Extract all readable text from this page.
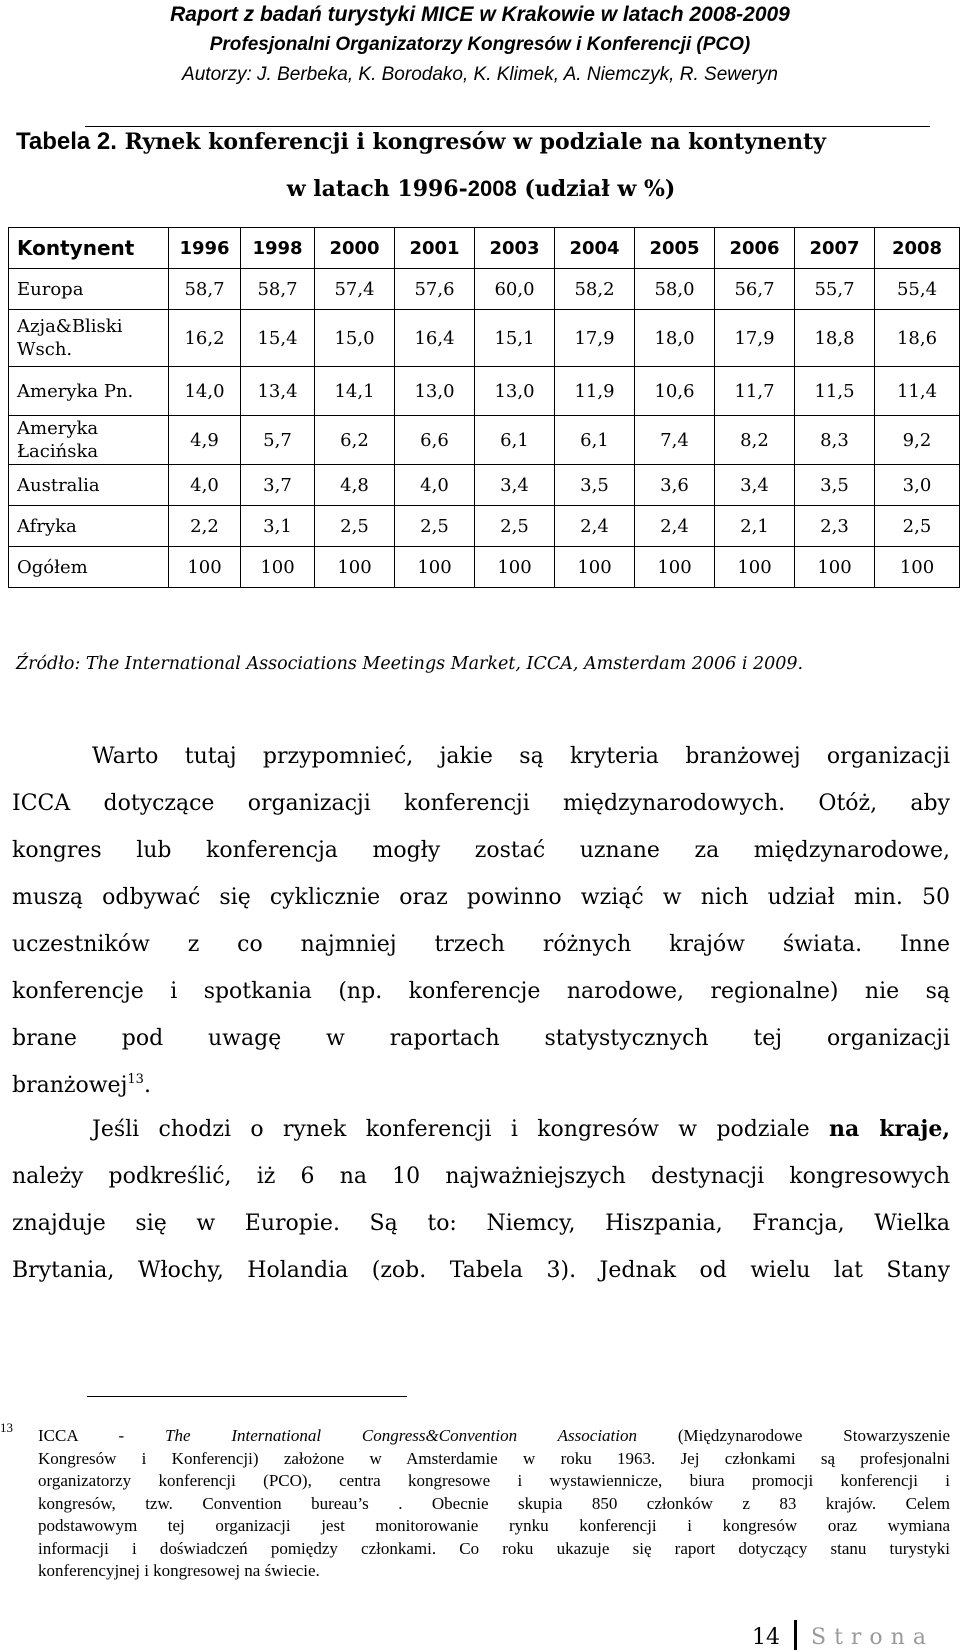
Raport z badań turystyki MICE w Krakowie w latach 2008-2009
Profesjonalni Organizatorzy Kongresów i Konferencji (PCO)
Autorzy: J. Berbeka, K. Borodako, K. Klimek, A. Niemczyk, R. Seweryn
Tabela 2. Rynek konferencji i kongresów w podziale na kontynenty
w latach 1996-2008 (udział w %)
Kontynent	1996	1998	2000	2001	2003	2004	2005	2006	2007	2008
Europa	58,7	58,7	57,4	57,6	60,0	58,2	58,0	56,7	55,7	55,4
Azja&Bliski Wsch.	16,2	15,4	15,0	16,4	15,1	17,9	18,0	17,9	18,8	18,6
Ameryka Pn.	14,0	13,4	14,1	13,0	13,0	11,9	10,6	11,7	11,5	11,4
Ameryka Łacińska	4,9	5,7	6,2	6,6	6,1	6,1	7,4	8,2	8,3	9,2
Australia	4,0	3,7	4,8	4,0	3,4	3,5	3,6	3,4	3,5	3,0
Afryka	2,2	3,1	2,5	2,5	2,5	2,4	2,4	2,1	2,3	2,5
Ogółem	100	100	100	100	100	100	100	100	100	100
Źródło: The International Associations Meetings Market, ICCA, Amsterdam 2006 i 2009.
Warto tutaj przypomnieć, jakie są kryteria branżowej organizacji
ICCA dotyczące organizacji konferencji międzynarodowych. Otóż, aby
kongres lub konferencja mogły zostać uznane za międzynarodowe,
muszą odbywać się cyklicznie oraz powinno wziąć w nich udział min. 50
uczestników z co najmniej trzech różnych krajów świata. Inne
konferencje i spotkania (np. konferencje narodowe, regionalne) nie są
brane pod uwagę w raportach statystycznych tej organizacji
branżowej$^{13}$.
Jeśli chodzi o rynek konferencji i kongresów w podziale na kraje,
należy podkreślić, iż 6 na 10 najważniejszych destynacji kongresowych
znajduje się w Europie. Są to: Niemcy, Hiszpania, Francja, Wielka
Brytania, Włochy, Holandia (zob. Tabela 3). Jednak od wielu lat Stany
13 ICCA - The International Congress&Convention Association (Międzynarodowe Stowarzyszenie
Kongresów i Konferencji) założone w Amsterdamie w roku 1963. Jej członkami są profesjonalni
organizatorzy konferencji (PCO), centra kongresowe i wystawiennicze, biura promocji konferencji i
kongresów, tzw. Convention bureau’s . Obecnie skupia 850 członków z 83 krajów. Celem
podstawowym tej organizacji jest monitorowanie rynku konferencji i kongresów oraz wymiana
informacji i doświadczeń pomiędzy członkami. Co roku ukazuje się raport dotyczący stanu turystyki
konferencyjnej i kongresowej na świecie.
14 Strona
